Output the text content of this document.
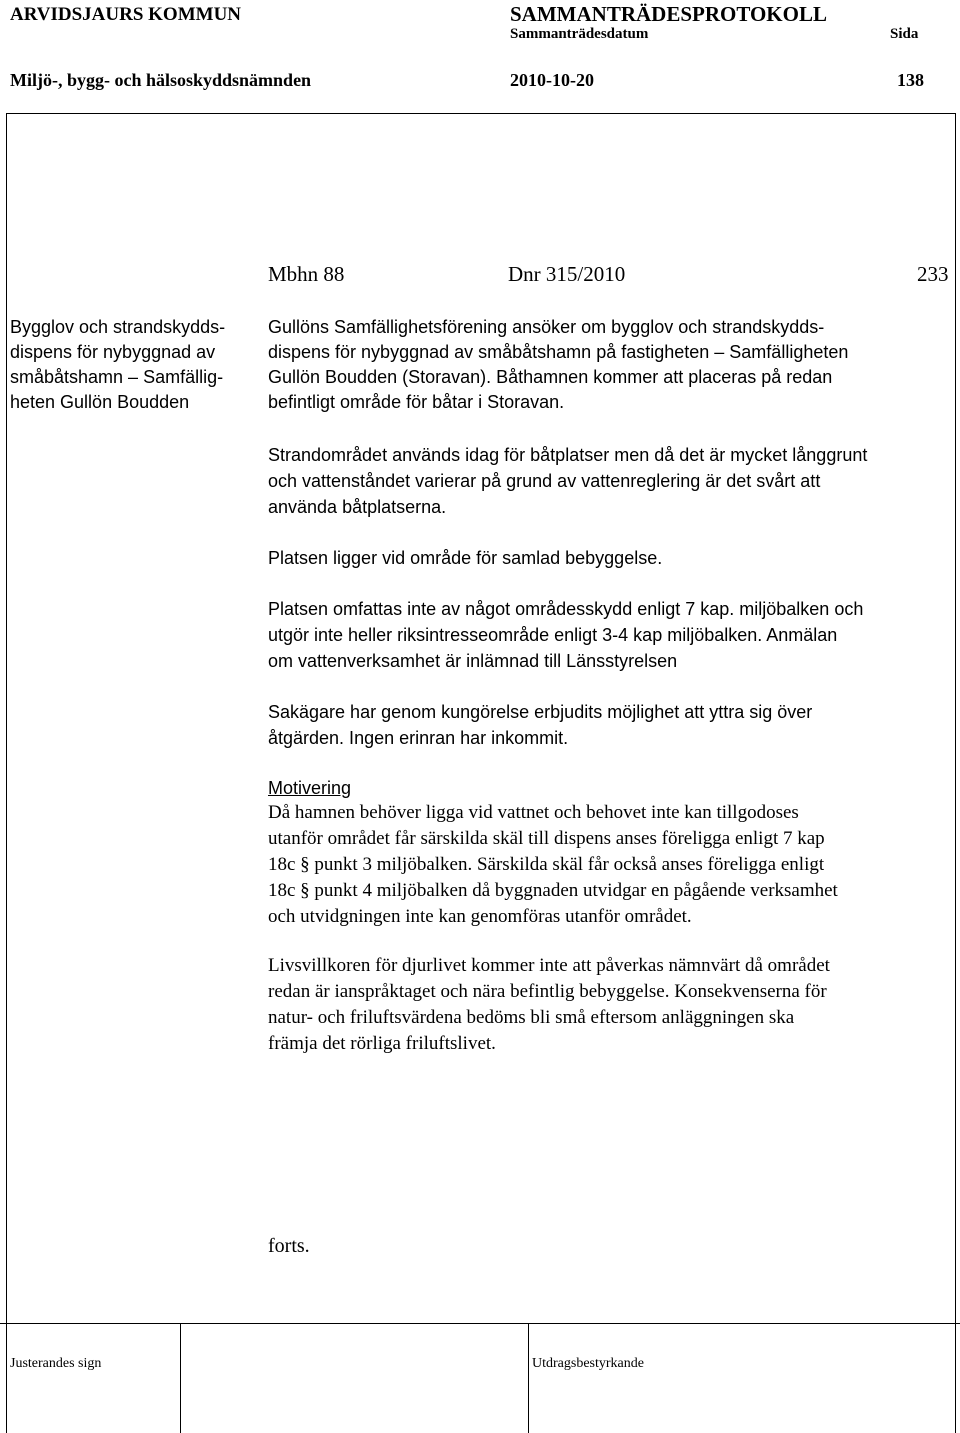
ARVIDSJAURS KOMMUN	SAMMANTRÄDESPROTOKOLL
Sammanträdesdatum	Sida
Miljö-, bygg- och hälsoskyddsnämnden	2010-10-20	138
Mbhn 88	Dnr 315/2010	233
Bygglov och strandskydds-
dispens för nybyggnad av
småbåtshamn – Samfällig-
heten Gullön Boudden
Gullöns Samfällighetsförening ansöker om bygglov och strandskydds-
dispens för nybyggnad av småbåtshamn på fastigheten – Samfälligheten
Gullön Boudden (Storavan). Båthamnen kommer att placeras på redan
befintligt område för båtar i Storavan.
Strandområdet används idag för båtplatser men då det är mycket långgrunt
och vattenståndet varierar på grund av vattenreglering är det svårt att
använda båtplatserna.
Platsen ligger vid område för samlad bebyggelse.
Platsen omfattas inte av något områdesskydd enligt 7 kap. miljöbalken och
utgör inte heller riksintresseområde enligt 3-4 kap miljöbalken. Anmälan
om vattenverksamhet är inlämnad till Länsstyrelsen
Sakägare har genom kungörelse erbjudits möjlighet att yttra sig över
åtgärden. Ingen erinran har inkommit.
Motivering
Då hamnen behöver ligga vid vattnet och behovet inte kan tillgodoses
utanför området får särskilda skäl till dispens anses föreligga enligt 7 kap
18c § punkt 3 miljöbalken. Särskilda skäl får också anses föreligga enligt
18c § punkt 4 miljöbalken då byggnaden utvidgar en pågående verksamhet
och utvidgningen inte kan genomföras utanför området.
Livsvillkoren för djurlivet kommer inte att påverkas nämnvärt då området
redan är ianspråktaget och nära befintlig bebyggelse. Konsekvenserna för
natur- och friluftsvärdena bedöms bli små eftersom anläggningen ska
främja det rörliga friluftslivet.
forts.
Justerandes sign	Utdragsbestyrkande
